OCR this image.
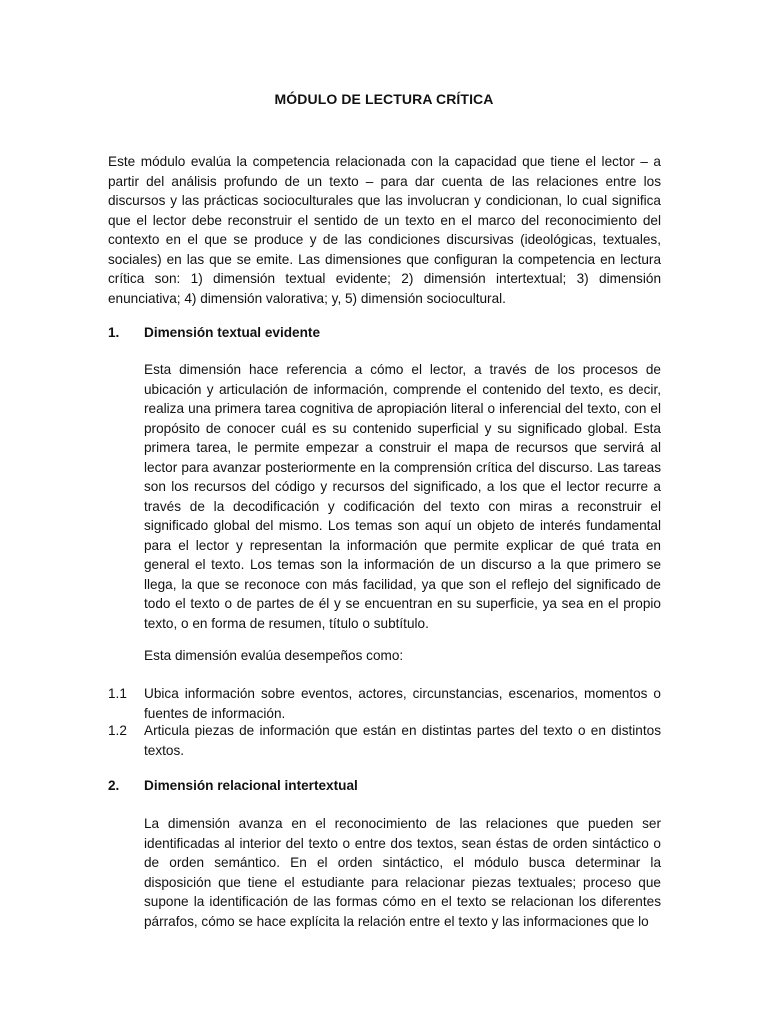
MÓDULO DE LECTURA CRÍTICA
Este módulo evalúa la competencia relacionada con la capacidad que tiene el lector – a partir del análisis profundo de un texto – para dar cuenta de las relaciones entre los discursos y las prácticas socioculturales que las involucran y condicionan, lo cual significa que el lector debe reconstruir el sentido de un texto en el marco del reconocimiento del contexto en el que se produce y de las condiciones discursivas (ideológicas, textuales, sociales) en las que se emite. Las dimensiones que configuran la competencia en lectura crítica son: 1) dimensión textual evidente; 2) dimensión intertextual; 3) dimensión enunciativa; 4) dimensión valorativa; y, 5) dimensión sociocultural.
1. Dimensión textual evidente
Esta dimensión hace referencia a cómo el lector, a través de los procesos de ubicación y articulación de información, comprende el contenido del texto, es decir, realiza una primera tarea cognitiva de apropiación literal o inferencial del texto, con el propósito de conocer cuál es su contenido superficial y su significado global. Esta primera tarea, le permite empezar a construir el mapa de recursos que servirá al lector para avanzar posteriormente en la comprensión crítica del discurso. Las tareas son los recursos del código y recursos del significado, a los que el lector recurre a través de la decodificación y codificación del texto con miras a reconstruir el significado global del mismo. Los temas son aquí un objeto de interés fundamental para el lector y representan la información que permite explicar de qué trata en general el texto. Los temas son la información de un discurso a la que primero se llega, la que se reconoce con más facilidad, ya que son el reflejo del significado de todo el texto o de partes de él y se encuentran en su superficie, ya sea en el propio texto, o en forma de resumen, título o subtítulo.
Esta dimensión evalúa desempeños como:
1.1 Ubica información sobre eventos, actores, circunstancias, escenarios, momentos o fuentes de información.
1.2 Articula piezas de información que están en distintas partes del texto o en distintos textos.
2. Dimensión relacional intertextual
La dimensión avanza en el reconocimiento de las relaciones que pueden ser identificadas al interior del texto o entre dos textos, sean éstas de orden sintáctico o de orden semántico. En el orden sintáctico, el módulo busca determinar la disposición que tiene el estudiante para relacionar piezas textuales; proceso que supone la identificación de las formas cómo en el texto se relacionan los diferentes párrafos, cómo se hace explícita la relación entre el texto y las informaciones que lo
